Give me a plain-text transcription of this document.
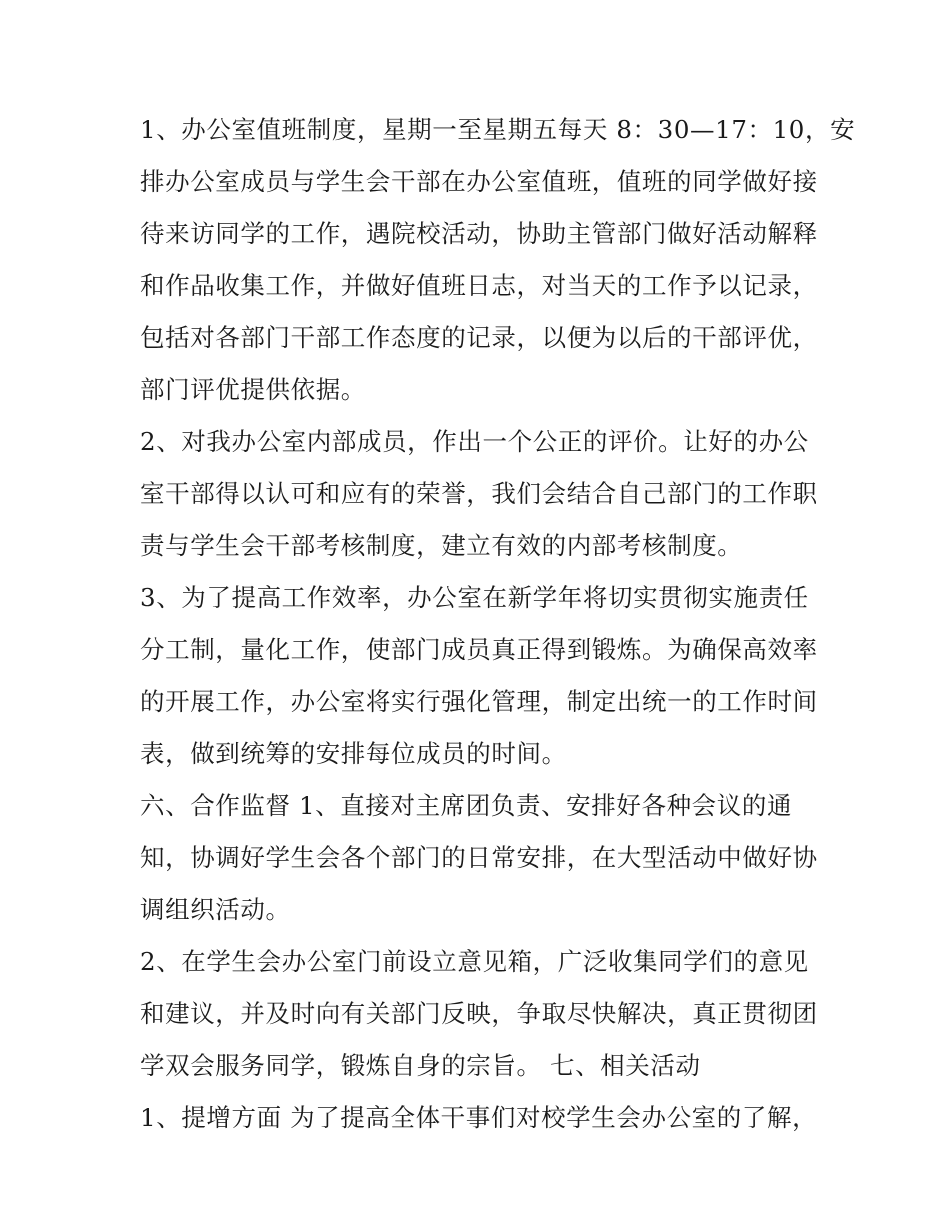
1、办公室值班制度，星期一至星期五每天 8：30—17：10，安

排办公室成员与学生会干部在办公室值班，值班的同学做好接

待来访同学的工作，遇院校活动，协助主管部门做好活动解释

和作品收集工作，并做好值班日志，对当天的工作予以记录，

包括对各部门干部工作态度的记录，以便为以后的干部评优，

部门评优提供依据。

2、对我办公室内部成员，作出一个公正的评价。让好的办公

室干部得以认可和应有的荣誉，我们会结合自己部门的工作职

责与学生会干部考核制度，建立有效的内部考核制度。

3、为了提高工作效率，办公室在新学年将切实贯彻实施责任

分工制，量化工作，使部门成员真正得到锻炼。为确保高效率

的开展工作，办公室将实行强化管理，制定出统一的工作时间

表，做到统筹的安排每位成员的时间。

六、合作监督 1、直接对主席团负责、安排好各种会议的通

知，协调好学生会各个部门的日常安排，在大型活动中做好协

调组织活动。

2、在学生会办公室门前设立意见箱，广泛收集同学们的意见

和建议，并及时向有关部门反映，争取尽快解决，真正贯彻团

学双会服务同学，锻炼自身的宗旨。 七、相关活动

1、提增方面 为了提高全体干事们对校学生会办公室的了解，
